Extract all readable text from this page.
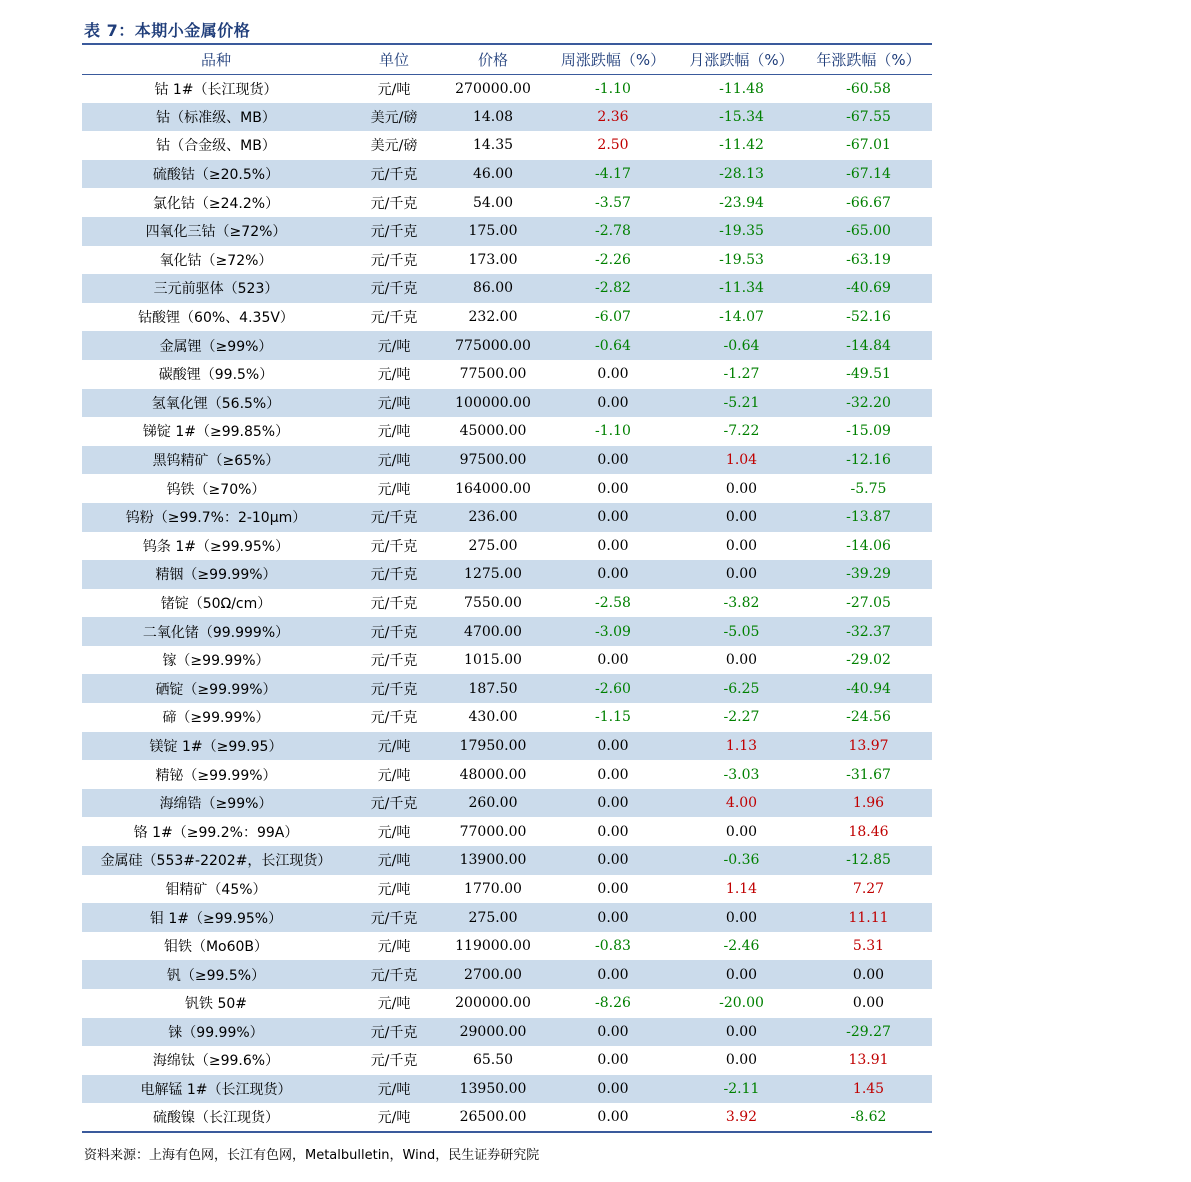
表 7：本期小金属价格
品种	单位	价格	周涨跌幅（%）	月涨跌幅（%）	年涨跌幅（%）
钴 1#（长江现货）	元/吨	270000.00	-1.10	-11.48	-60.58
钴（标准级、MB）	美元/磅	14.08	2.36	-15.34	-67.55
钴（合金级、MB）	美元/磅	14.35	2.50	-11.42	-67.01
硫酸钴（≥20.5%）	元/千克	46.00	-4.17	-28.13	-67.14
氯化钴（≥24.2%）	元/千克	54.00	-3.57	-23.94	-66.67
四氧化三钴（≥72%）	元/千克	175.00	-2.78	-19.35	-65.00
氧化钴（≥72%）	元/千克	173.00	-2.26	-19.53	-63.19
三元前驱体（523）	元/千克	86.00	-2.82	-11.34	-40.69
钴酸锂（60%、4.35V）	元/千克	232.00	-6.07	-14.07	-52.16
金属锂（≥99%）	元/吨	775000.00	-0.64	-0.64	-14.84
碳酸锂（99.5%）	元/吨	77500.00	0.00	-1.27	-49.51
氢氧化锂（56.5%）	元/吨	100000.00	0.00	-5.21	-32.20
锑锭 1#（≥99.85%）	元/吨	45000.00	-1.10	-7.22	-15.09
黑钨精矿（≥65%）	元/吨	97500.00	0.00	1.04	-12.16
钨铁（≥70%）	元/吨	164000.00	0.00	0.00	-5.75
钨粉（≥99.7%：2-10μm）	元/千克	236.00	0.00	0.00	-13.87
钨条 1#（≥99.95%）	元/千克	275.00	0.00	0.00	-14.06
精铟（≥99.99%）	元/千克	1275.00	0.00	0.00	-39.29
锗锭（50Ω/cm）	元/千克	7550.00	-2.58	-3.82	-27.05
二氧化锗（99.999%）	元/千克	4700.00	-3.09	-5.05	-32.37
镓（≥99.99%）	元/千克	1015.00	0.00	0.00	-29.02
硒锭（≥99.99%）	元/千克	187.50	-2.60	-6.25	-40.94
碲（≥99.99%）	元/千克	430.00	-1.15	-2.27	-24.56
镁锭 1#（≥99.95）	元/吨	17950.00	0.00	1.13	13.97
精铋（≥99.99%）	元/吨	48000.00	0.00	-3.03	-31.67
海绵锆（≥99%）	元/千克	260.00	0.00	4.00	1.96
铬 1#（≥99.2%：99A）	元/吨	77000.00	0.00	0.00	18.46
金属硅（553#-2202#，长江现货）	元/吨	13900.00	0.00	-0.36	-12.85
钼精矿（45%）	元/吨	1770.00	0.00	1.14	7.27
钼 1#（≥99.95%）	元/千克	275.00	0.00	0.00	11.11
钼铁（Mo60B）	元/吨	119000.00	-0.83	-2.46	5.31
钒（≥99.5%）	元/千克	2700.00	0.00	0.00	0.00
钒铁 50#	元/吨	200000.00	-8.26	-20.00	0.00
铼（99.99%）	元/千克	29000.00	0.00	0.00	-29.27
海绵钛（≥99.6%）	元/千克	65.50	0.00	0.00	13.91
电解锰 1#（长江现货）	元/吨	13950.00	0.00	-2.11	1.45
硫酸镍（长江现货）	元/吨	26500.00	0.00	3.92	-8.62
资料来源：上海有色网，长江有色网，Metalbulletin，Wind，民生证券研究院
